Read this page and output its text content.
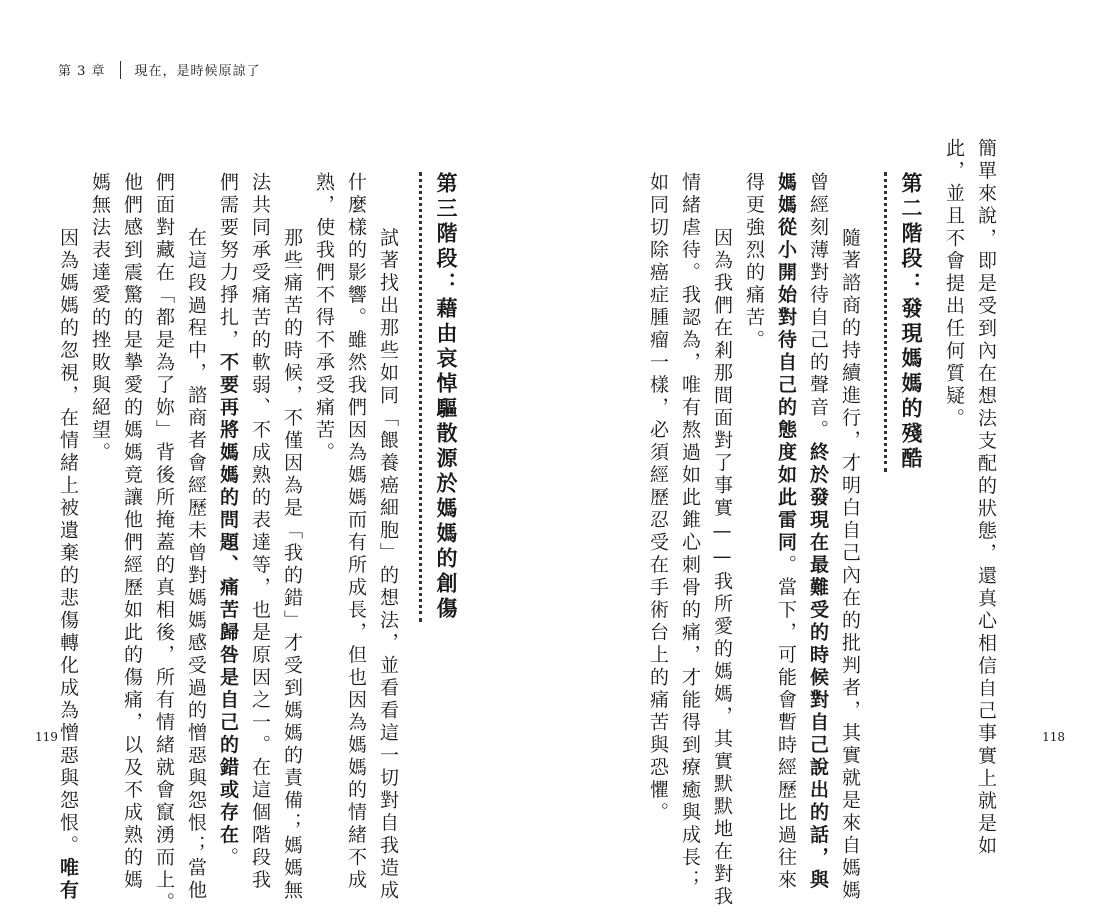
第 3 章 現在，是時候原諒了
第三階段：藉由哀悼驅散源於媽媽的創傷
　試著找出那些如同「餵養癌細胞」的想法，並看看這一切對自我造成
什麼樣的影響。雖然我們因為媽媽而有所成長，但也因為媽媽的情緒不成
熟，使我們不得不承受痛苦。
　那些痛苦的時候，不僅因為是「我的錯」才受到媽媽的責備；媽媽無
法共同承受痛苦的軟弱、不成熟的表達等，也是原因之一。在這個階段我
們需要努力掙扎，不要再將媽媽的問題、痛苦歸咎是自己的錯或存在。
　在這段過程中，諮商者會經歷未曾對媽媽感受過的憎惡與怨恨；當他
們面對藏在「都是為了妳」背後所掩蓋的真相後，所有情緒就會竄湧而上。
他們感到震驚的是摯愛的媽媽竟讓他們經歷如此的傷痛，以及不成熟的媽
媽無法表達愛的挫敗與絕望。
　因為媽媽的忽視，在情緒上被遺棄的悲傷轉化成為憎惡與怨恨。唯有
119	簡單來說，即是受到內在想法支配的狀態，還真心相信自己事實上就是如
此，並且不會提出任何質疑。
第二階段：發現媽媽的殘酷
　隨著諮商的持續進行，才明白自己內在的批判者，其實就是來自媽媽
曾經刻薄對待自己的聲音。終於發現在最難受的時候對自己說出的話，與
媽媽從小開始對待自己的態度如此雷同。當下，可能會暫時經歷比過往來
得更強烈的痛苦。
　因為我們在剎那間面對了事實——我所愛的媽媽，其實默默地在對我
情緒虐待。我認為，唯有熬過如此錐心刺骨的痛，才能得到療癒與成長；
如同切除癌症腫瘤一樣，必須經歷忍受在手術台上的痛苦與恐懼。	118
